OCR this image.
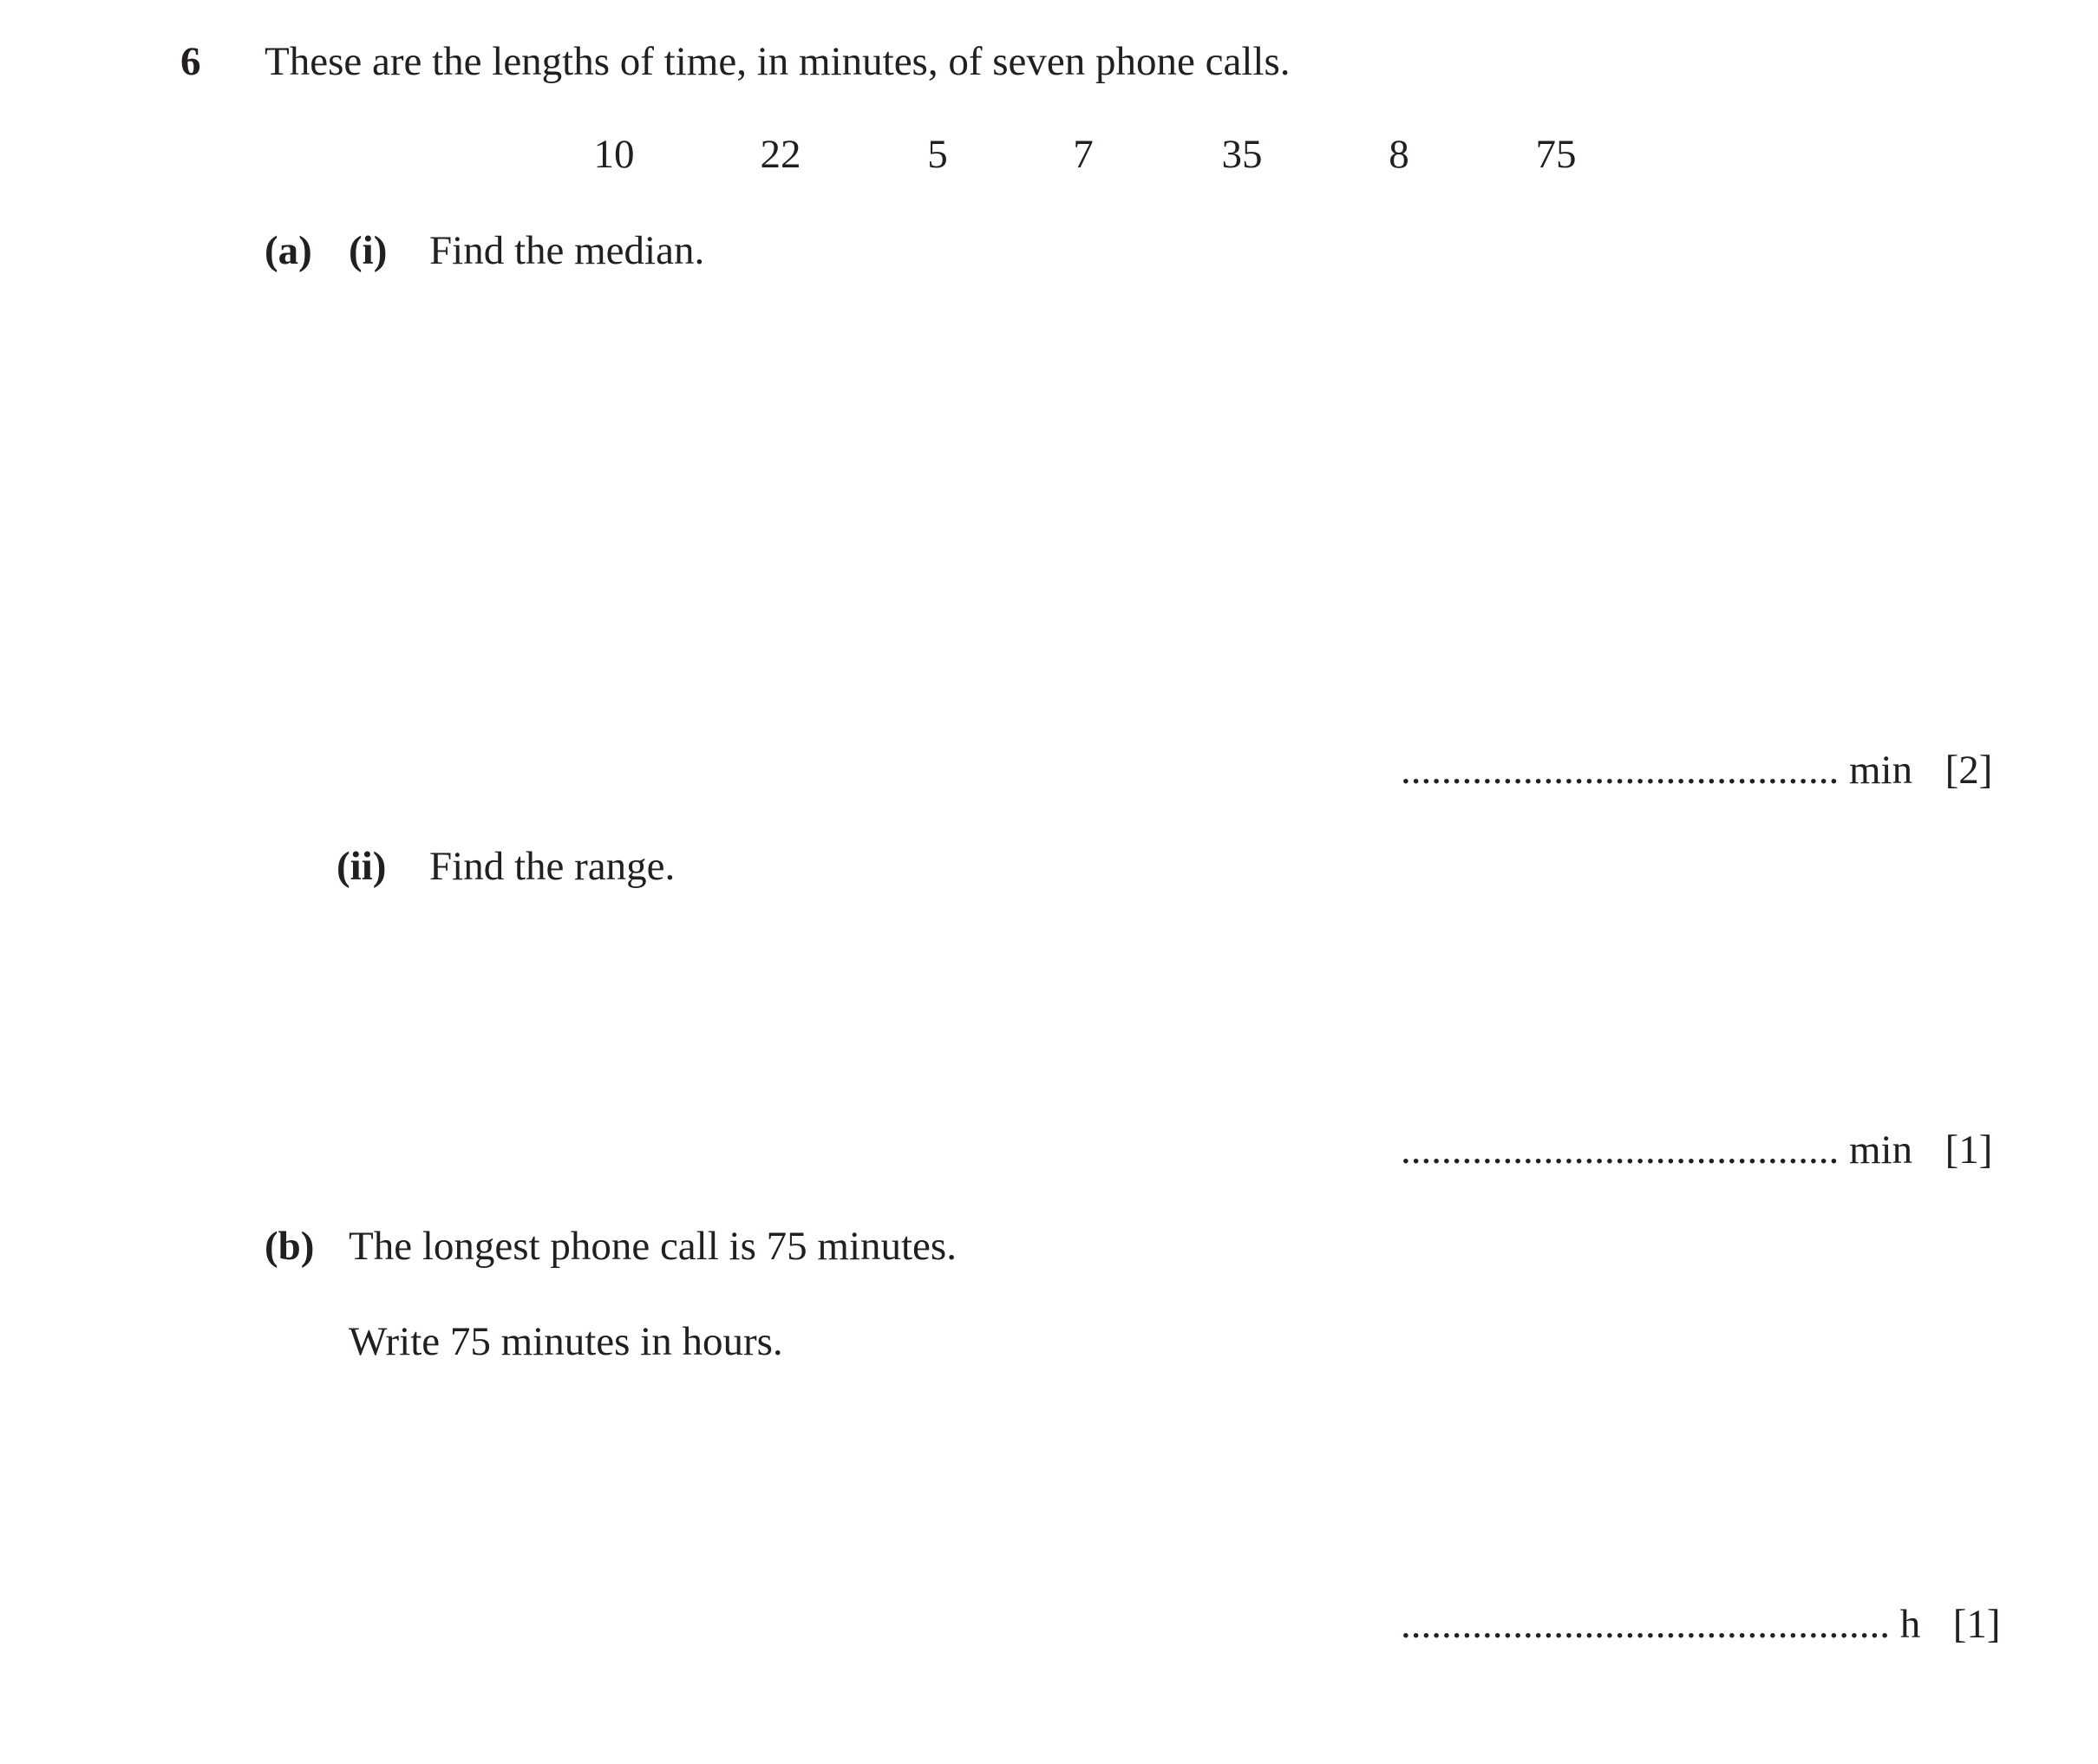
6 These are the lengths of time, in minutes, of seven phone calls.
10	22	5	7	35	8	75
(a) (i) Find the median.
........................................... min [2]
(ii) Find the range.
........................................... min [1]
(b) The longest phone call is 75 minutes.
Write 75 minutes in hours.
................................................ h [1]
